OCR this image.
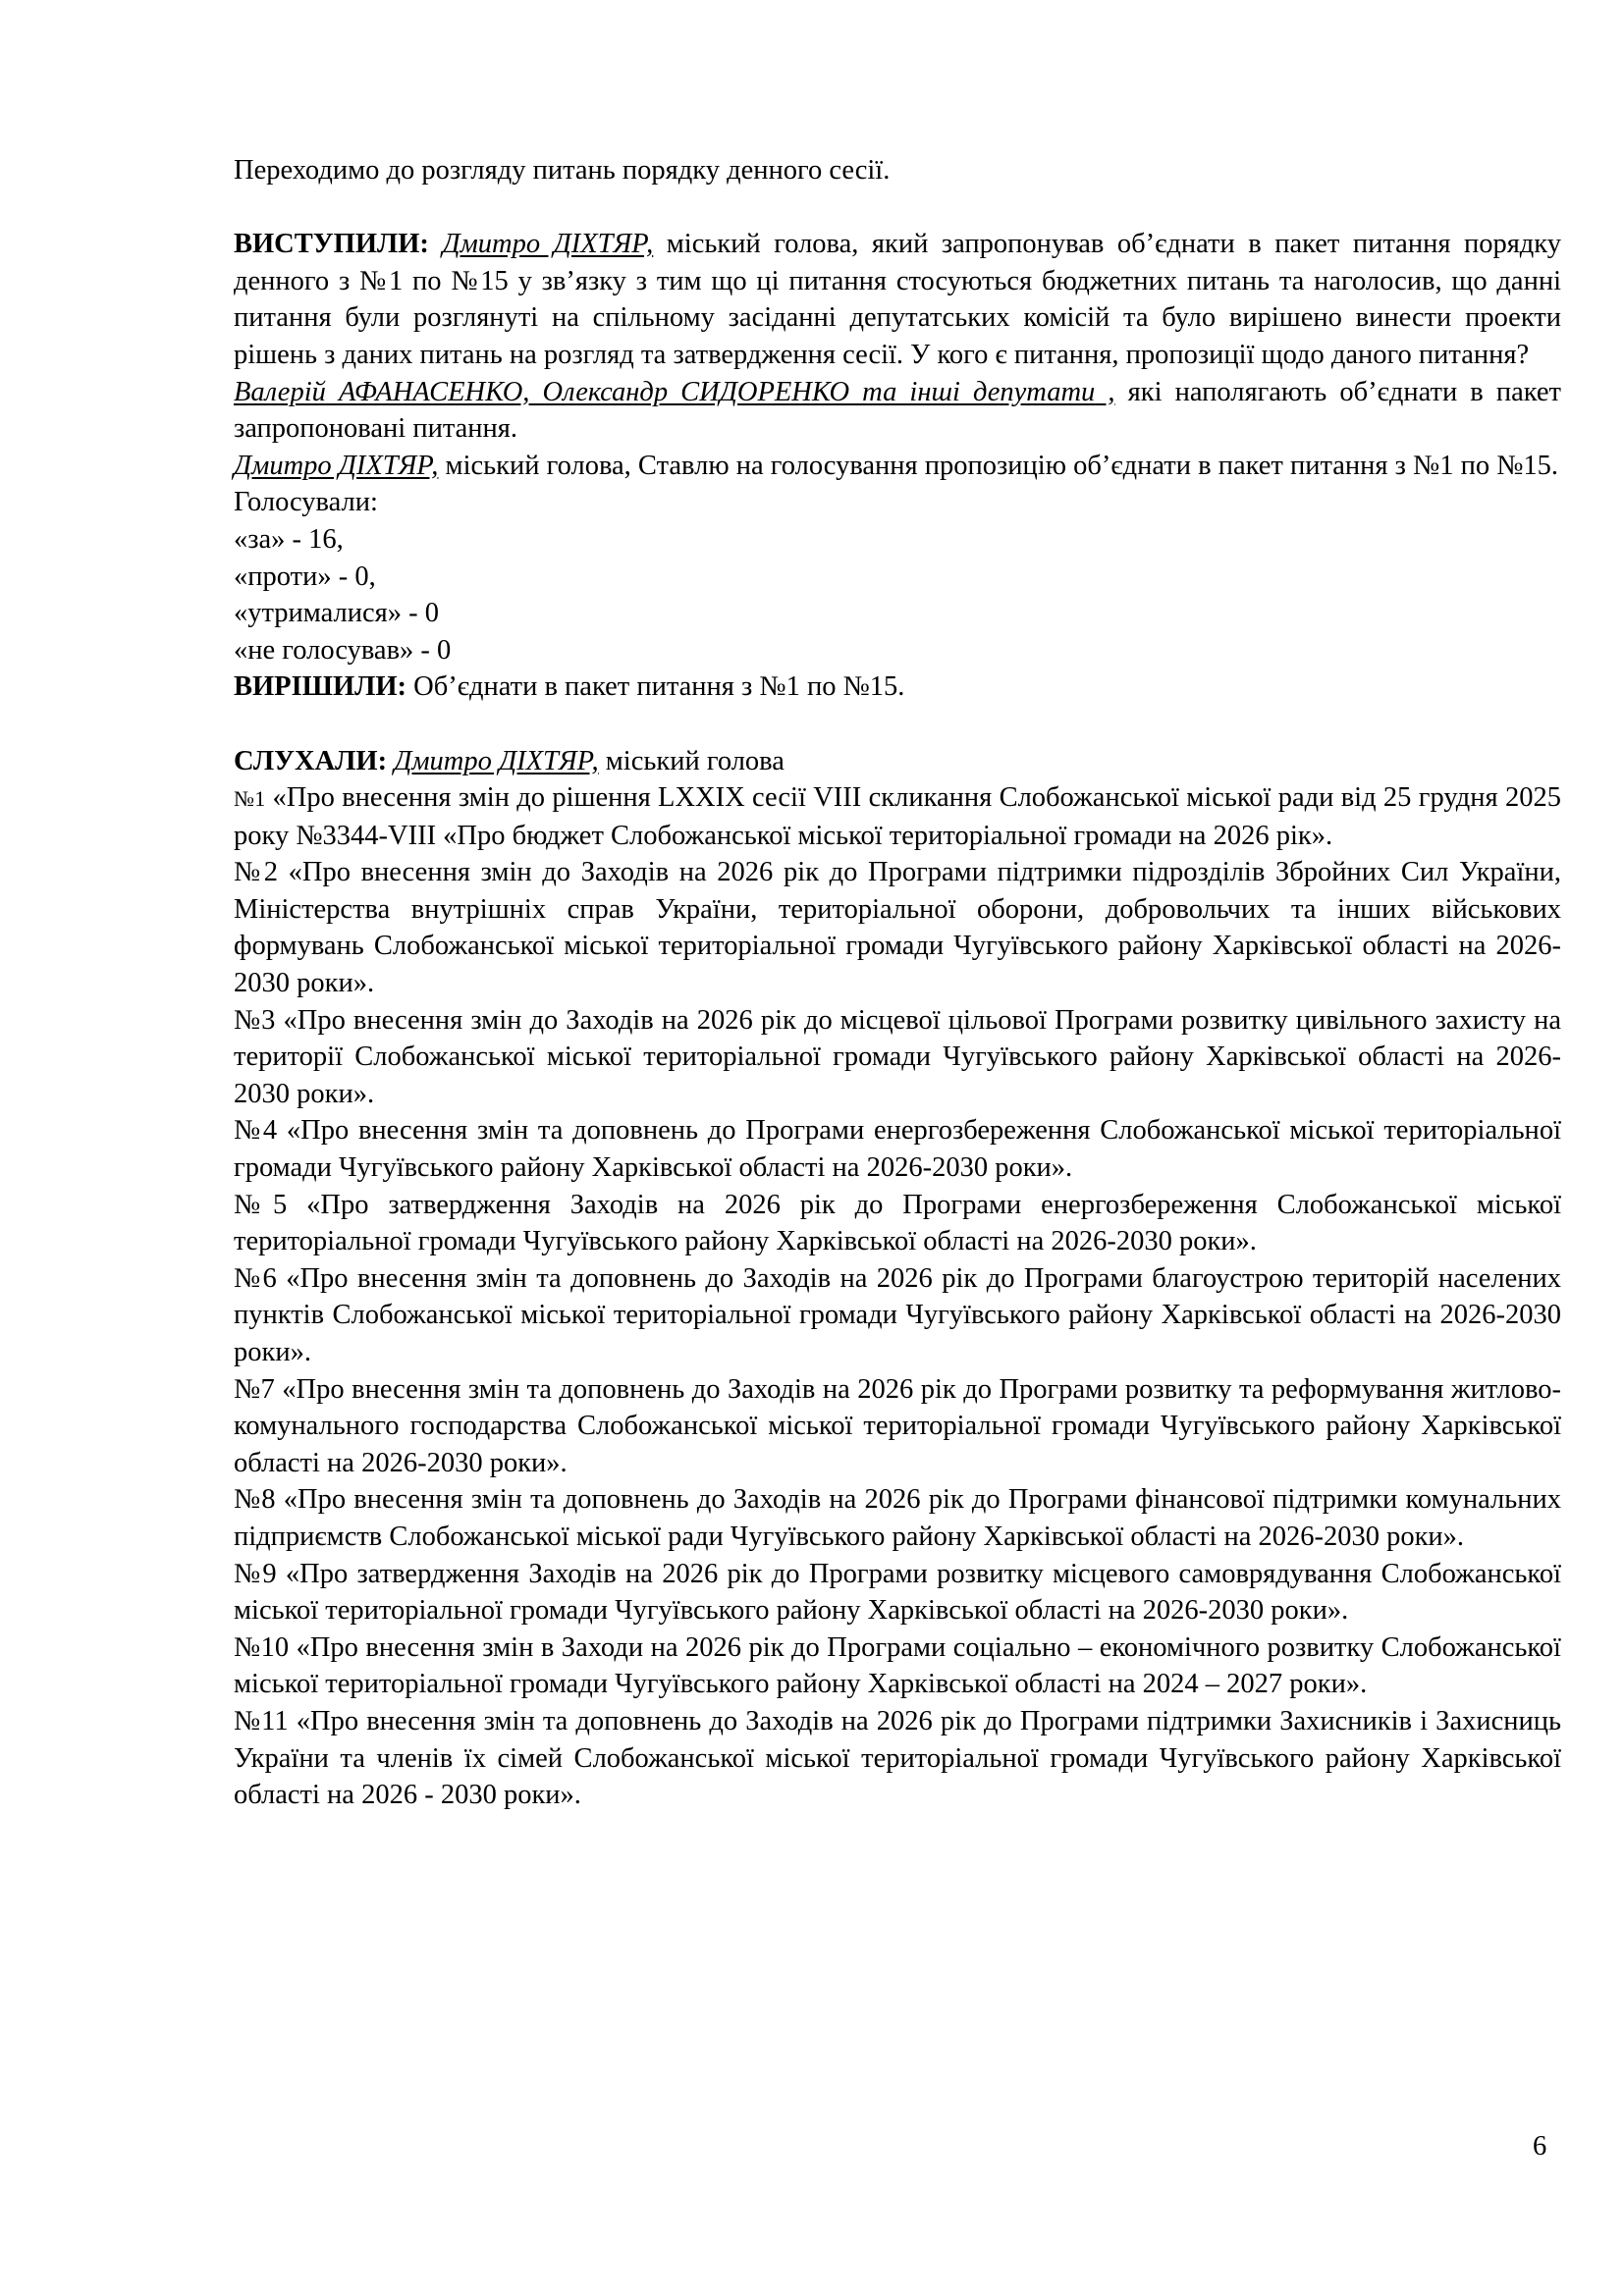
Переходимо до розгляду питань порядку денного сесії.

ВИСТУПИЛИ: Дмитро ДІХТЯР, міський голова, який запропонував об’єднати в пакет питання порядку денного з №1 по №15 у зв’язку з тим що ці питання стосуються бюджетних питань та наголосив, що данні питання були розглянуті на спільному засіданні депутатських комісій та було вирішено винести проекти рішень з даних питань на розгляд та затвердження сесії. У кого є питання, пропозиції щодо даного питання?

Валерій АФАНАСЕНКО, Олександр СИДОРЕНКО та інші депутати , які наполягають об’єднати в пакет запропоновані питання.

Дмитро ДІХТЯР, міський голова, Ставлю на голосування пропозицію об’єднати в пакет питання з №1 по №15.

Голосували:

«за» - 16,

«проти» - 0,

«утрималися» - 0

«не голосував» - 0

ВИРІШИЛИ: Об’єднати в пакет питання з №1 по №15.

СЛУХАЛИ: Дмитро ДІХТЯР, міський голова

№1 «Про внесення змін до рішення LXXIX сесії VIII скликання Слобожанської міської ради від 25 грудня 2025 року №3344-VIII «Про бюджет Слобожанської міської територіальної громади на 2026 рік».

№2 «Про внесення змін до Заходів на 2026 рік до Програми підтримки підрозділів Збройних Сил України, Міністерства внутрішніх справ України, територіальної оборони, добровольчих та інших військових формувань Слобожанської міської територіальної громади Чугуївського району Харківської області на 2026-2030 роки».

№3 «Про внесення змін до Заходів на 2026 рік до місцевої цільової Програми розвитку цивільного захисту на території Слобожанської міської територіальної громади Чугуївського району Харківської області на 2026-2030 роки».

№4 «Про внесення змін та доповнень до Програми енергозбереження Слобожанської міської територіальної громади Чугуївського району Харківської області на 2026-2030 роки».

№5 «Про затвердження Заходів на 2026 рік до Програми енергозбереження Слобожанської міської територіальної громади Чугуївського району Харківської області на 2026-2030 роки».

№6 «Про внесення змін та доповнень до Заходів на 2026 рік до Програми благоустрою територій населених пунктів Слобожанської міської територіальної громади Чугуївського району Харківської області на 2026-2030 роки».

№7 «Про внесення змін та доповнень до Заходів на 2026 рік до Програми розвитку та реформування житлово-комунального господарства Слобожанської міської територіальної громади Чугуївського району Харківської області на 2026-2030 роки».

№8 «Про внесення змін та доповнень до Заходів на 2026 рік до Програми фінансової підтримки комунальних підприємств Слобожанської міської ради Чугуївського району Харківської області на 2026-2030 роки».

№9 «Про затвердження Заходів на 2026 рік до Програми розвитку місцевого самоврядування Слобожанської міської територіальної громади Чугуївського району Харківської області на 2026-2030 роки».

№10 «Про внесення змін в Заходи на 2026 рік до Програми соціально – економічного розвитку Слобожанської міської територіальної громади Чугуївського району Харківської області на 2024 – 2027 роки».

№11 «Про внесення змін та доповнень до Заходів на 2026 рік до Програми підтримки Захисників і Захисниць України та членів їх сімей Слобожанської міської територіальної громади Чугуївського району Харківської області на 2026 - 2030 роки».

6
